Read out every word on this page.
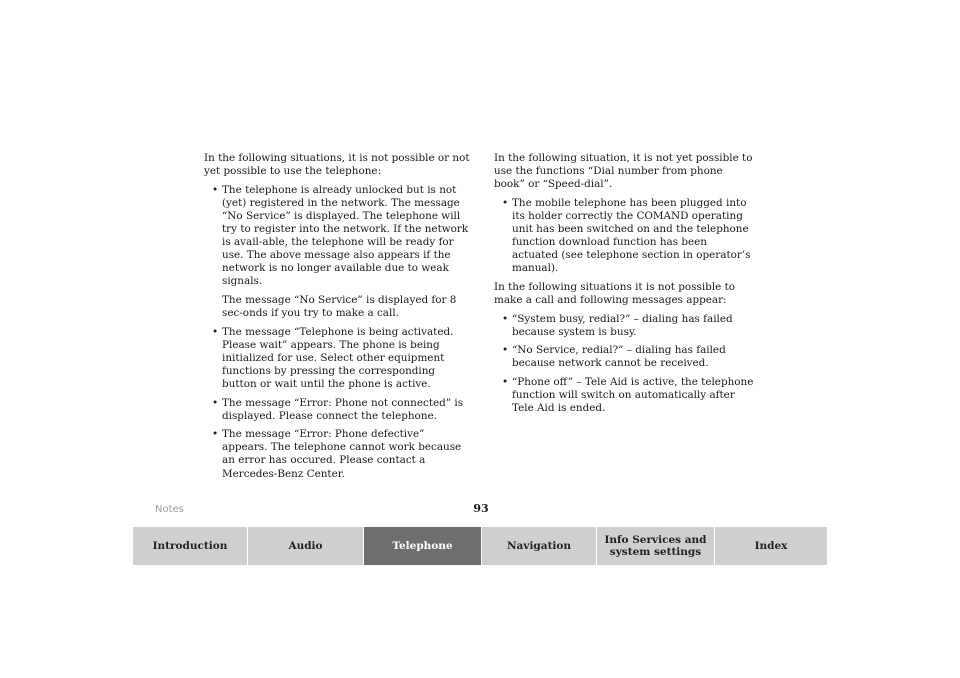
In the following situations, it is not possible or not yet possible to use the telephone:

• The telephone is already unlocked but is not (yet) registered in the network. The message “No Service” is displayed. The telephone will try to register into the network. If the network is avail-able, the telephone will be ready for use. The above message also appears if the network is no longer available due to weak signals.

The message “No Service” is displayed for 8 sec-onds if you try to make a call.

• The message “Telephone is being activated. Please wait” appears. The phone is being initialized for use. Select other equipment functions by pressing the corresponding button or wait until the phone is active.

• The message “Error: Phone not connected” is displayed. Please connect the telephone.

• The message “Error: Phone defective” appears. The telephone cannot work because an error has occured. Please contact a Mercedes-Benz Center.

In the following situation, it is not yet possible to use the functions “Dial number from phone book” or “Speed-dial”.

• The mobile telephone has been plugged into its holder correctly the COMAND operating unit has been switched on and the telephone function download function has been actuated (see telephone section in operator’s manual).

In the following situations it is not possible to make a call and following messages appear:

• “System busy, redial?” – dialing has failed because system is busy.

• “No Service, redial?” – dialing has failed because network cannot be received.

• “Phone off” – Tele Aid is active, the telephone function will switch on automatically after Tele Aid is ended.

Notes	93
Introduction	Audio	Telephone	Navigation	Info Services and
system settings	Index
